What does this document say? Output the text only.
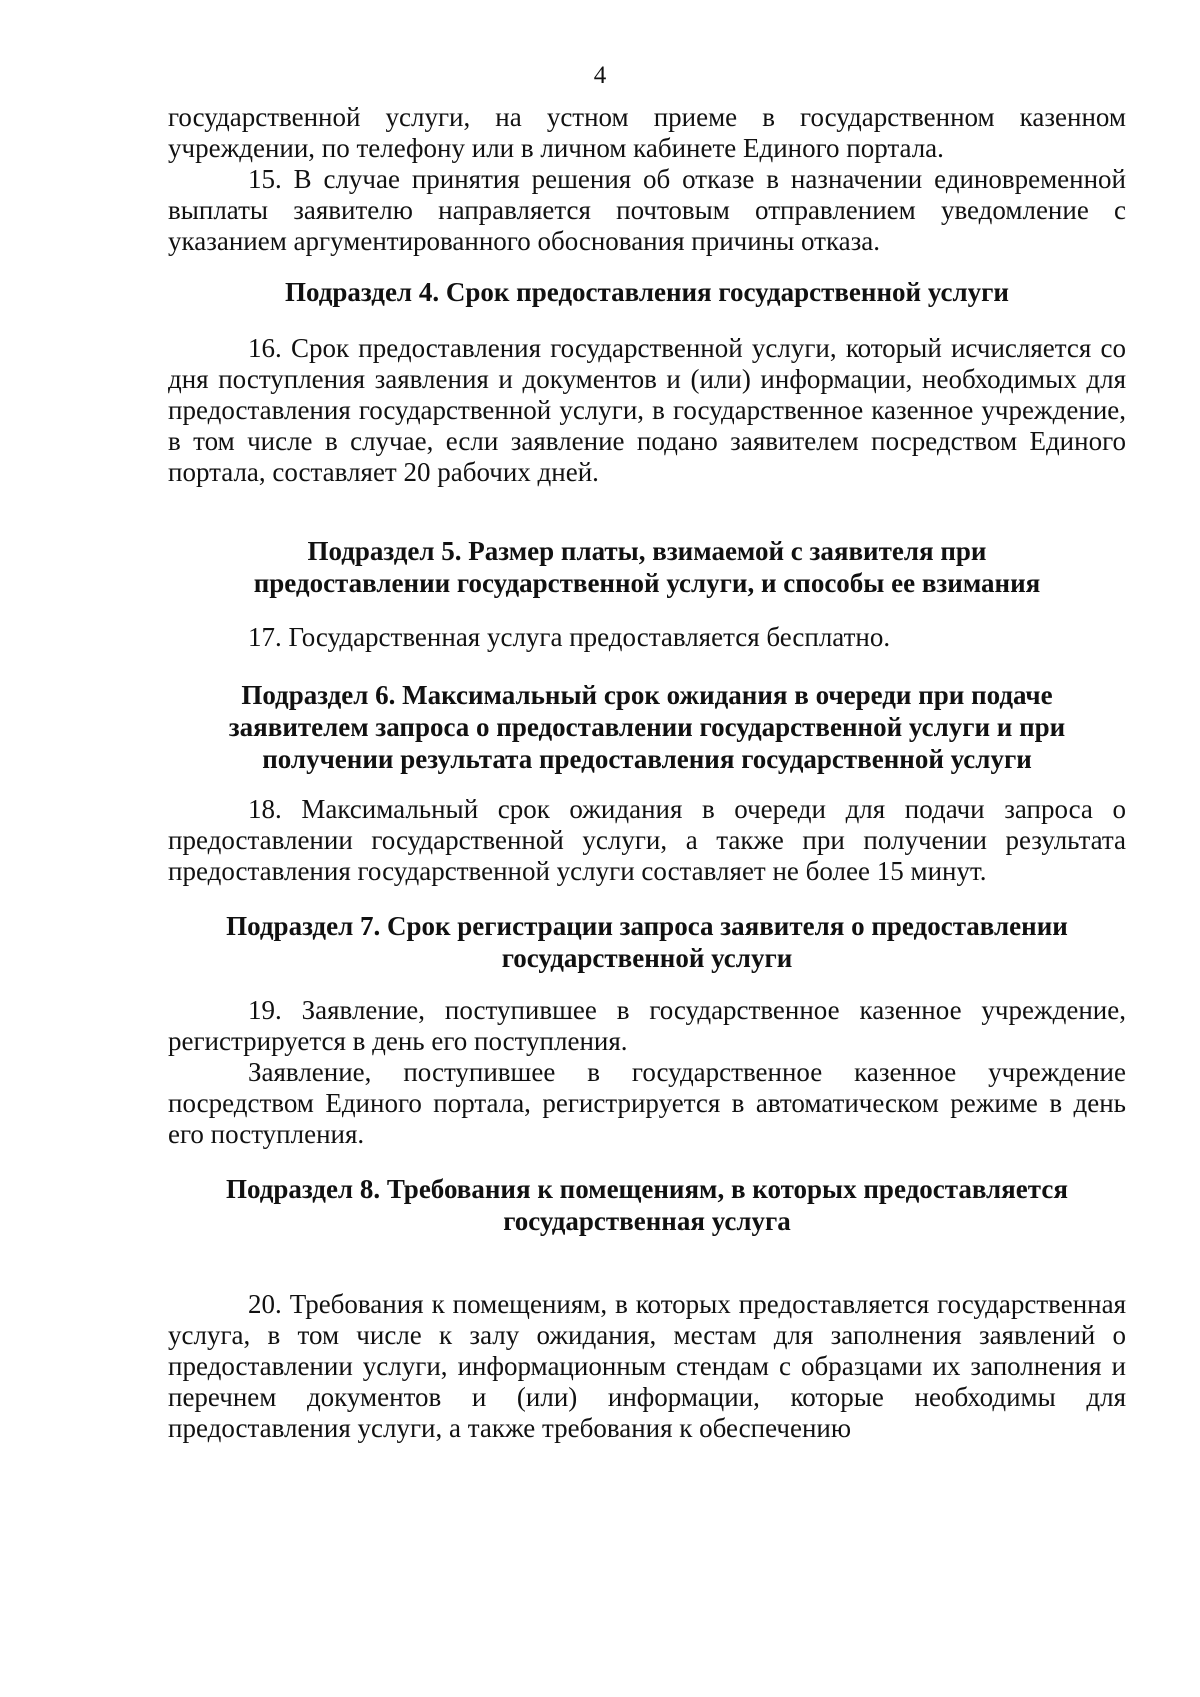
4

государственной услуги, на устном приеме в государственном казенном учреждении, по телефону или в личном кабинете Единого портала.

15. В случае принятия решения об отказе в назначении единовременной выплаты заявителю направляется почтовым отправлением уведомление с указанием аргументированного обоснования причины отказа.

Подраздел 4. Срок предоставления государственной услуги

16. Срок предоставления государственной услуги, который исчисляется со дня поступления заявления и документов и (или) информации, необходимых для предоставления государственной услуги, в государственное казенное учреждение, в том числе в случае, если заявление подано заявителем посредством Единого портала, составляет 20 рабочих дней.

Подраздел 5. Размер платы, взимаемой с заявителя при
предоставлении государственной услуги, и способы ее взимания

17. Государственная услуга предоставляется бесплатно.

Подраздел 6. Максимальный срок ожидания в очереди при подаче
заявителем запроса о предоставлении государственной услуги и при
получении результата предоставления государственной услуги

18. Максимальный срок ожидания в очереди для подачи запроса о предоставлении государственной услуги, а также при получении результата предоставления государственной услуги составляет не более 15 минут.

Подраздел 7. Срок регистрации запроса заявителя о предоставлении
государственной услуги

19. Заявление, поступившее в государственное казенное учреждение, регистрируется в день его поступления.

Заявление, поступившее в государственное казенное учреждение посредством Единого портала, регистрируется в автоматическом режиме в день его поступления.

Подраздел 8. Требования к помещениям, в которых предоставляется
государственная услуга

20. Требования к помещениям, в которых предоставляется государственная услуга, в том числе к залу ожидания, местам для заполнения заявлений о предоставлении услуги, информационным стендам с образцами их заполнения и перечнем документов и (или) информации, которые необходимы для предоставления услуги, а также требования к обеспечению
